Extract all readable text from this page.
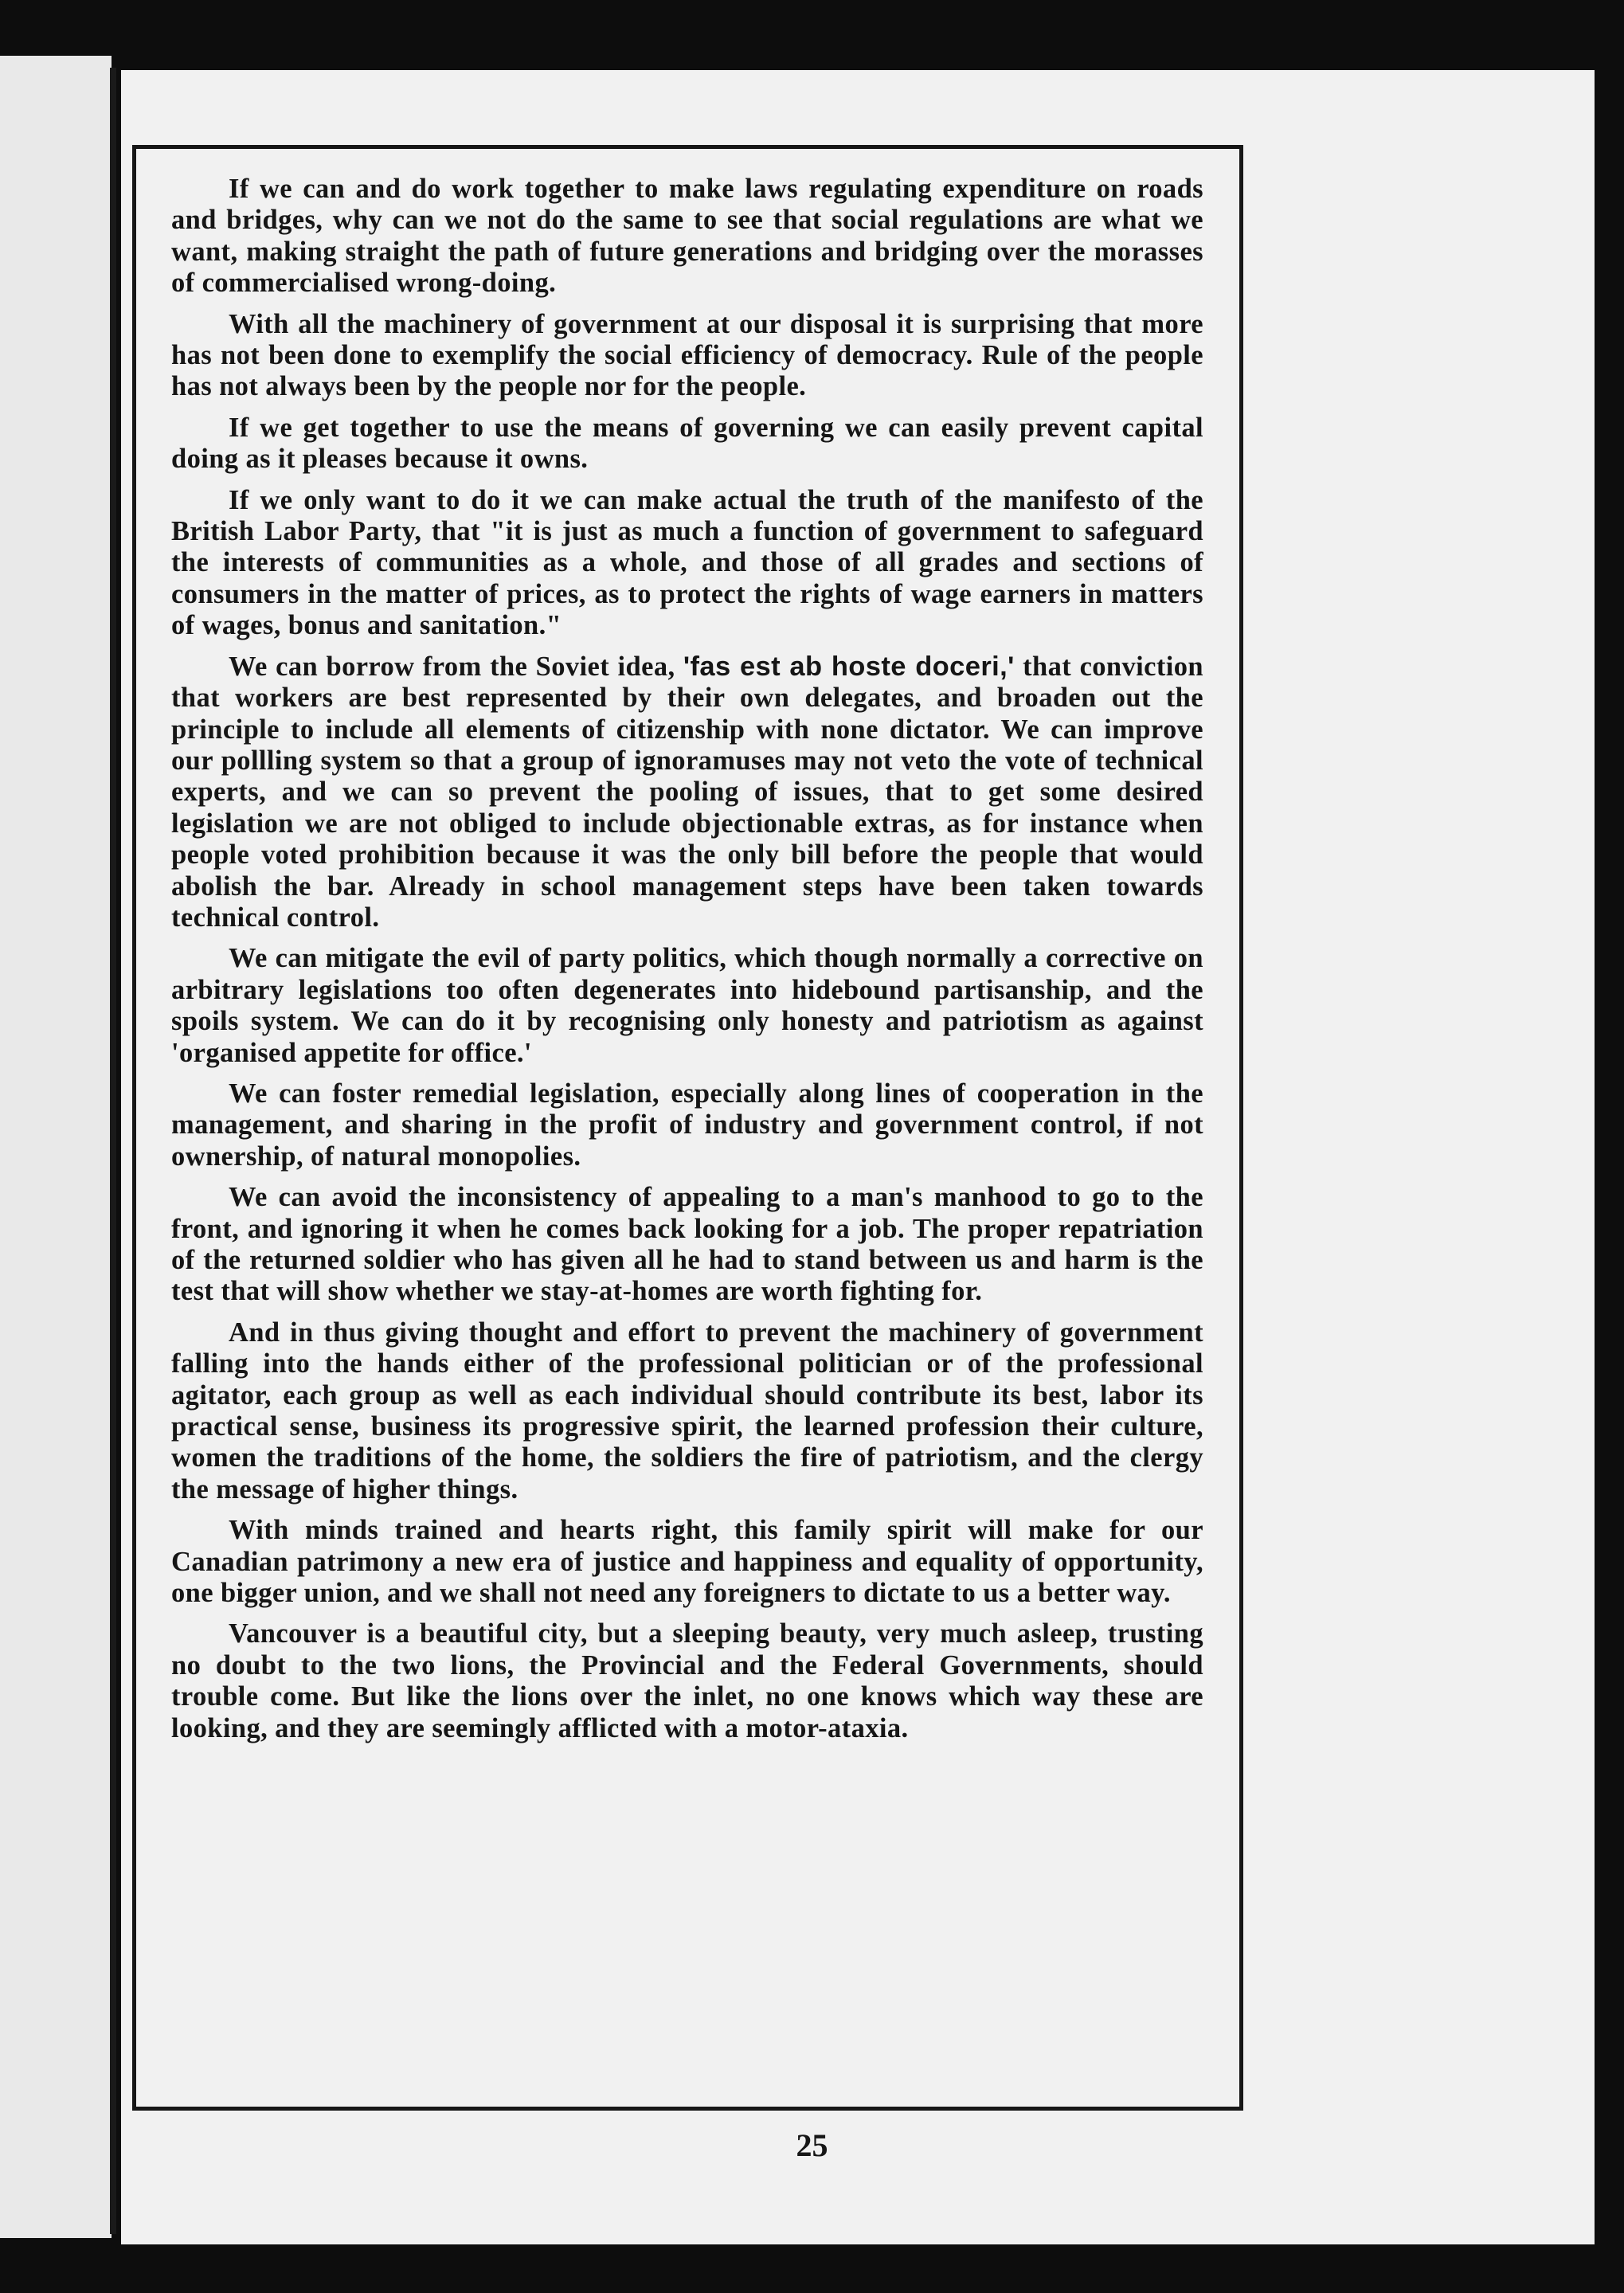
If we can and do work together to make laws regulating expenditure on roads and bridges, why can we not do the same to see that social regulations are what we want, making straight the path of future generations and bridging over the morasses of commercialised wrong-doing.

With all the machinery of government at our disposal it is surprising that more has not been done to exemplify the social efficiency of democracy. Rule of the people has not always been by the people nor for the people.

If we get together to use the means of governing we can easily prevent capital doing as it pleases because it owns.

If we only want to do it we can make actual the truth of the manifesto of the British Labor Party, that "it is just as much a function of government to safeguard the interests of communities as a whole, and those of all grades and sections of consumers in the matter of prices, as to protect the rights of wage earners in matters of wages, bonus and sanitation."

We can borrow from the Soviet idea, 'fas est ab hoste doceri,' that conviction that workers are best represented by their own delegates, and broaden out the principle to include all elements of citizenship with none dictator. We can improve our pollling system so that a group of ignoramuses may not veto the vote of technical experts, and we can so prevent the pooling of issues, that to get some desired legislation we are not obliged to include objectionable extras, as for instance when people voted prohibition because it was the only bill before the people that would abolish the bar. Already in school management steps have been taken towards technical control.

We can mitigate the evil of party politics, which though normally a corrective on arbitrary legislations too often degenerates into hidebound partisanship, and the spoils system. We can do it by recognising only honesty and patriotism as against 'organised appetite for office.'

We can foster remedial legislation, especially along lines of cooperation in the management, and sharing in the profit of industry and government control, if not ownership, of natural monopolies.

We can avoid the inconsistency of appealing to a man's manhood to go to the front, and ignoring it when he comes back looking for a job. The proper repatriation of the returned soldier who has given all he had to stand between us and harm is the test that will show whether we stay-at-homes are worth fighting for.

And in thus giving thought and effort to prevent the machinery of government falling into the hands either of the professional politician or of the professional agitator, each group as well as each individual should contribute its best, labor its practical sense, business its progressive spirit, the learned profession their culture, women the traditions of the home, the soldiers the fire of patriotism, and the clergy the message of higher things.

With minds trained and hearts right, this family spirit will make for our Canadian patrimony a new era of justice and happiness and equality of opportunity, one bigger union, and we shall not need any foreigners to dictate to us a better way.

Vancouver is a beautiful city, but a sleeping beauty, very much asleep, trusting no doubt to the two lions, the Provincial and the Federal Governments, should trouble come. But like the lions over the inlet, no one knows which way these are looking, and they are seemingly afflicted with a motor-ataxia.

25
